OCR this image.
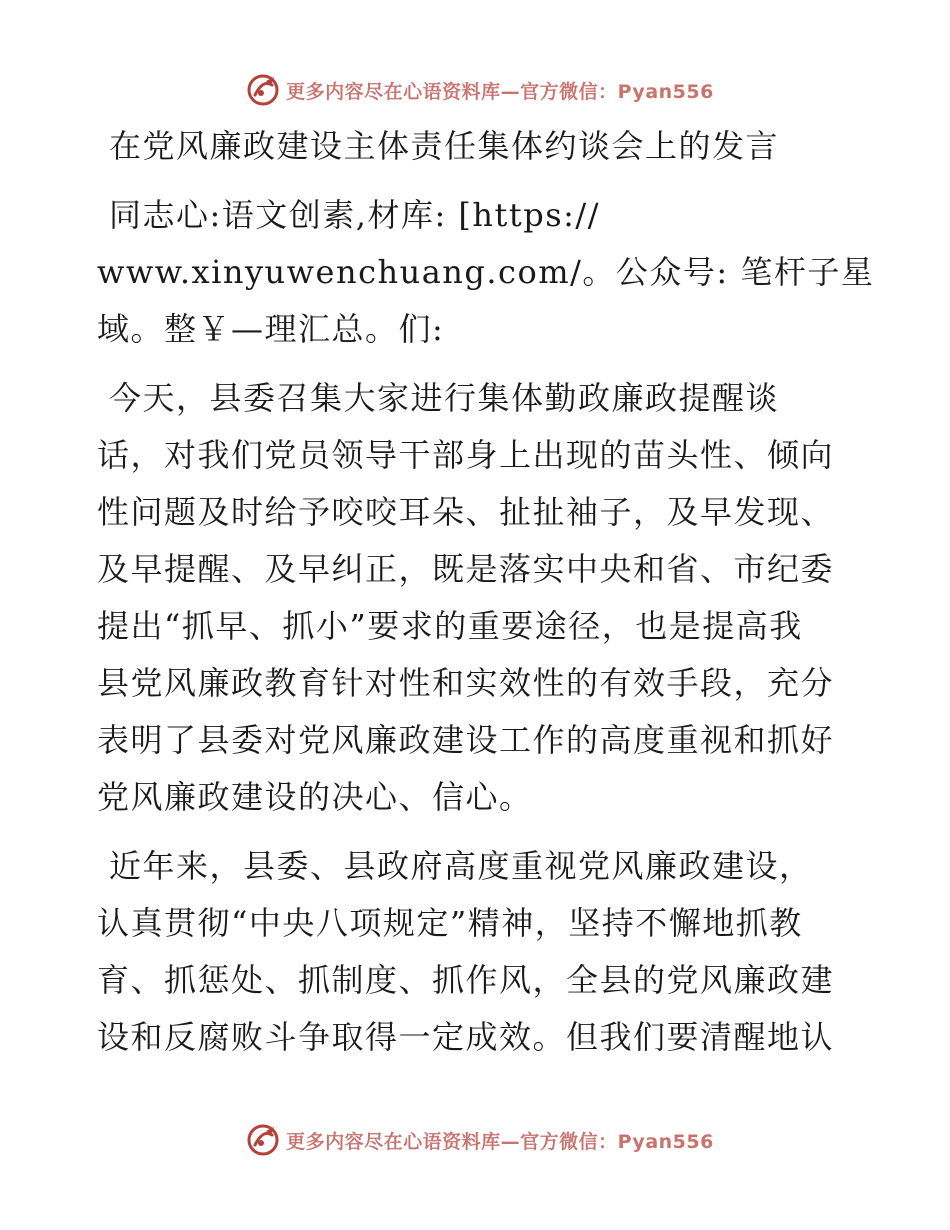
更多内容尽在心语资料库—官方微信：Pyan556
在党风廉政建设主体责任集体约谈会上的发言
同志心:语文创素,材库: [https://
www.xinyuwenchuang.com/。公众号: 笔杆子星
域。整￥—理汇总。们:
今天，县委召集大家进行集体勤政廉政提醒谈
话，对我们党员领导干部身上出现的苗头性、倾向
性问题及时给予咬咬耳朵、扯扯袖子，及早发现、
及早提醒、及早纠正，既是落实中央和省、市纪委
提出“抓早、抓小”要求的重要途径，也是提高我
县党风廉政教育针对性和实效性的有效手段，充分
表明了县委对党风廉政建设工作的高度重视和抓好
党风廉政建设的决心、信心。
近年来，县委、县政府高度重视党风廉政建设，
认真贯彻“中央八项规定”精神，坚持不懈地抓教
育、抓惩处、抓制度、抓作风，全县的党风廉政建
设和反腐败斗争取得一定成效。但我们要清醒地认
更多内容尽在心语资料库—官方微信：Pyan556
